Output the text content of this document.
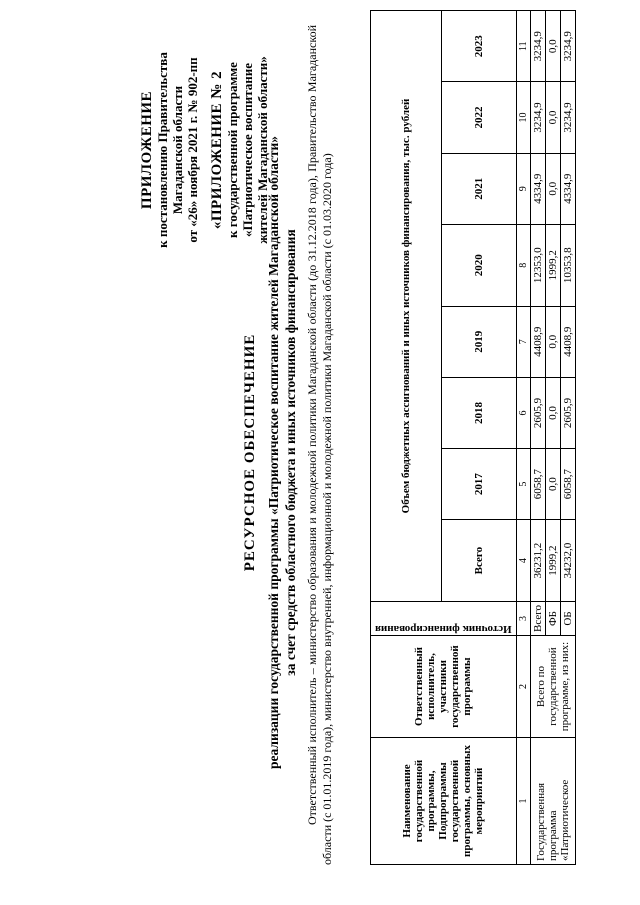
ПРИЛОЖЕНИЕ к постановлению Правительства Магаданской области от «26» ноября 2021 г. № 902-пп «ПРИЛОЖЕНИЕ № 2 к государственной программе «Патриотическое воспитание жителей Магаданской области»

РЕСУРСНОЕ ОБЕСПЕЧЕНИЕ реализации государственной программы «Патриотическое воспитание жителей Магаданской области» за счет средств областного бюджета и иных источников финансирования Ответственный исполнитель – министерство образования и молодежной политики Магаданской области (до 31.12.2018 года), Правительство Магаданской области (с 01.01.2019 года), министерство внутренней, информационной и молодежной политики Магаданской области (с 01.03.2020 года)	Наименование государственной программы, Подпрограммы государственной программы, основных мероприятий	Ответственный исполнитель, участники государственной программы	Источник финансирования	Объем бюджетных ассигнований и иных источников финансирования, тыс. рублей							
			Всего	2017	2018	2019	2020	2021	2022	2023
1	2	3	4	5	6	7	8	9	10	11
Государственная программа «Патриотическое	Всего по государственной программе, из них:	Всего	36231,2	6058,7	2605,9	4408,9	12353,0	4334,9	3234,9	3234,9
		ФБ	1999,2	0,0	0,0	0,0	1999,2	0,0	0,0	0,0
		ОБ	34232,0	6058,7	2605,9	4408,9	10353,8	4334,9	3234,9	3234,9
